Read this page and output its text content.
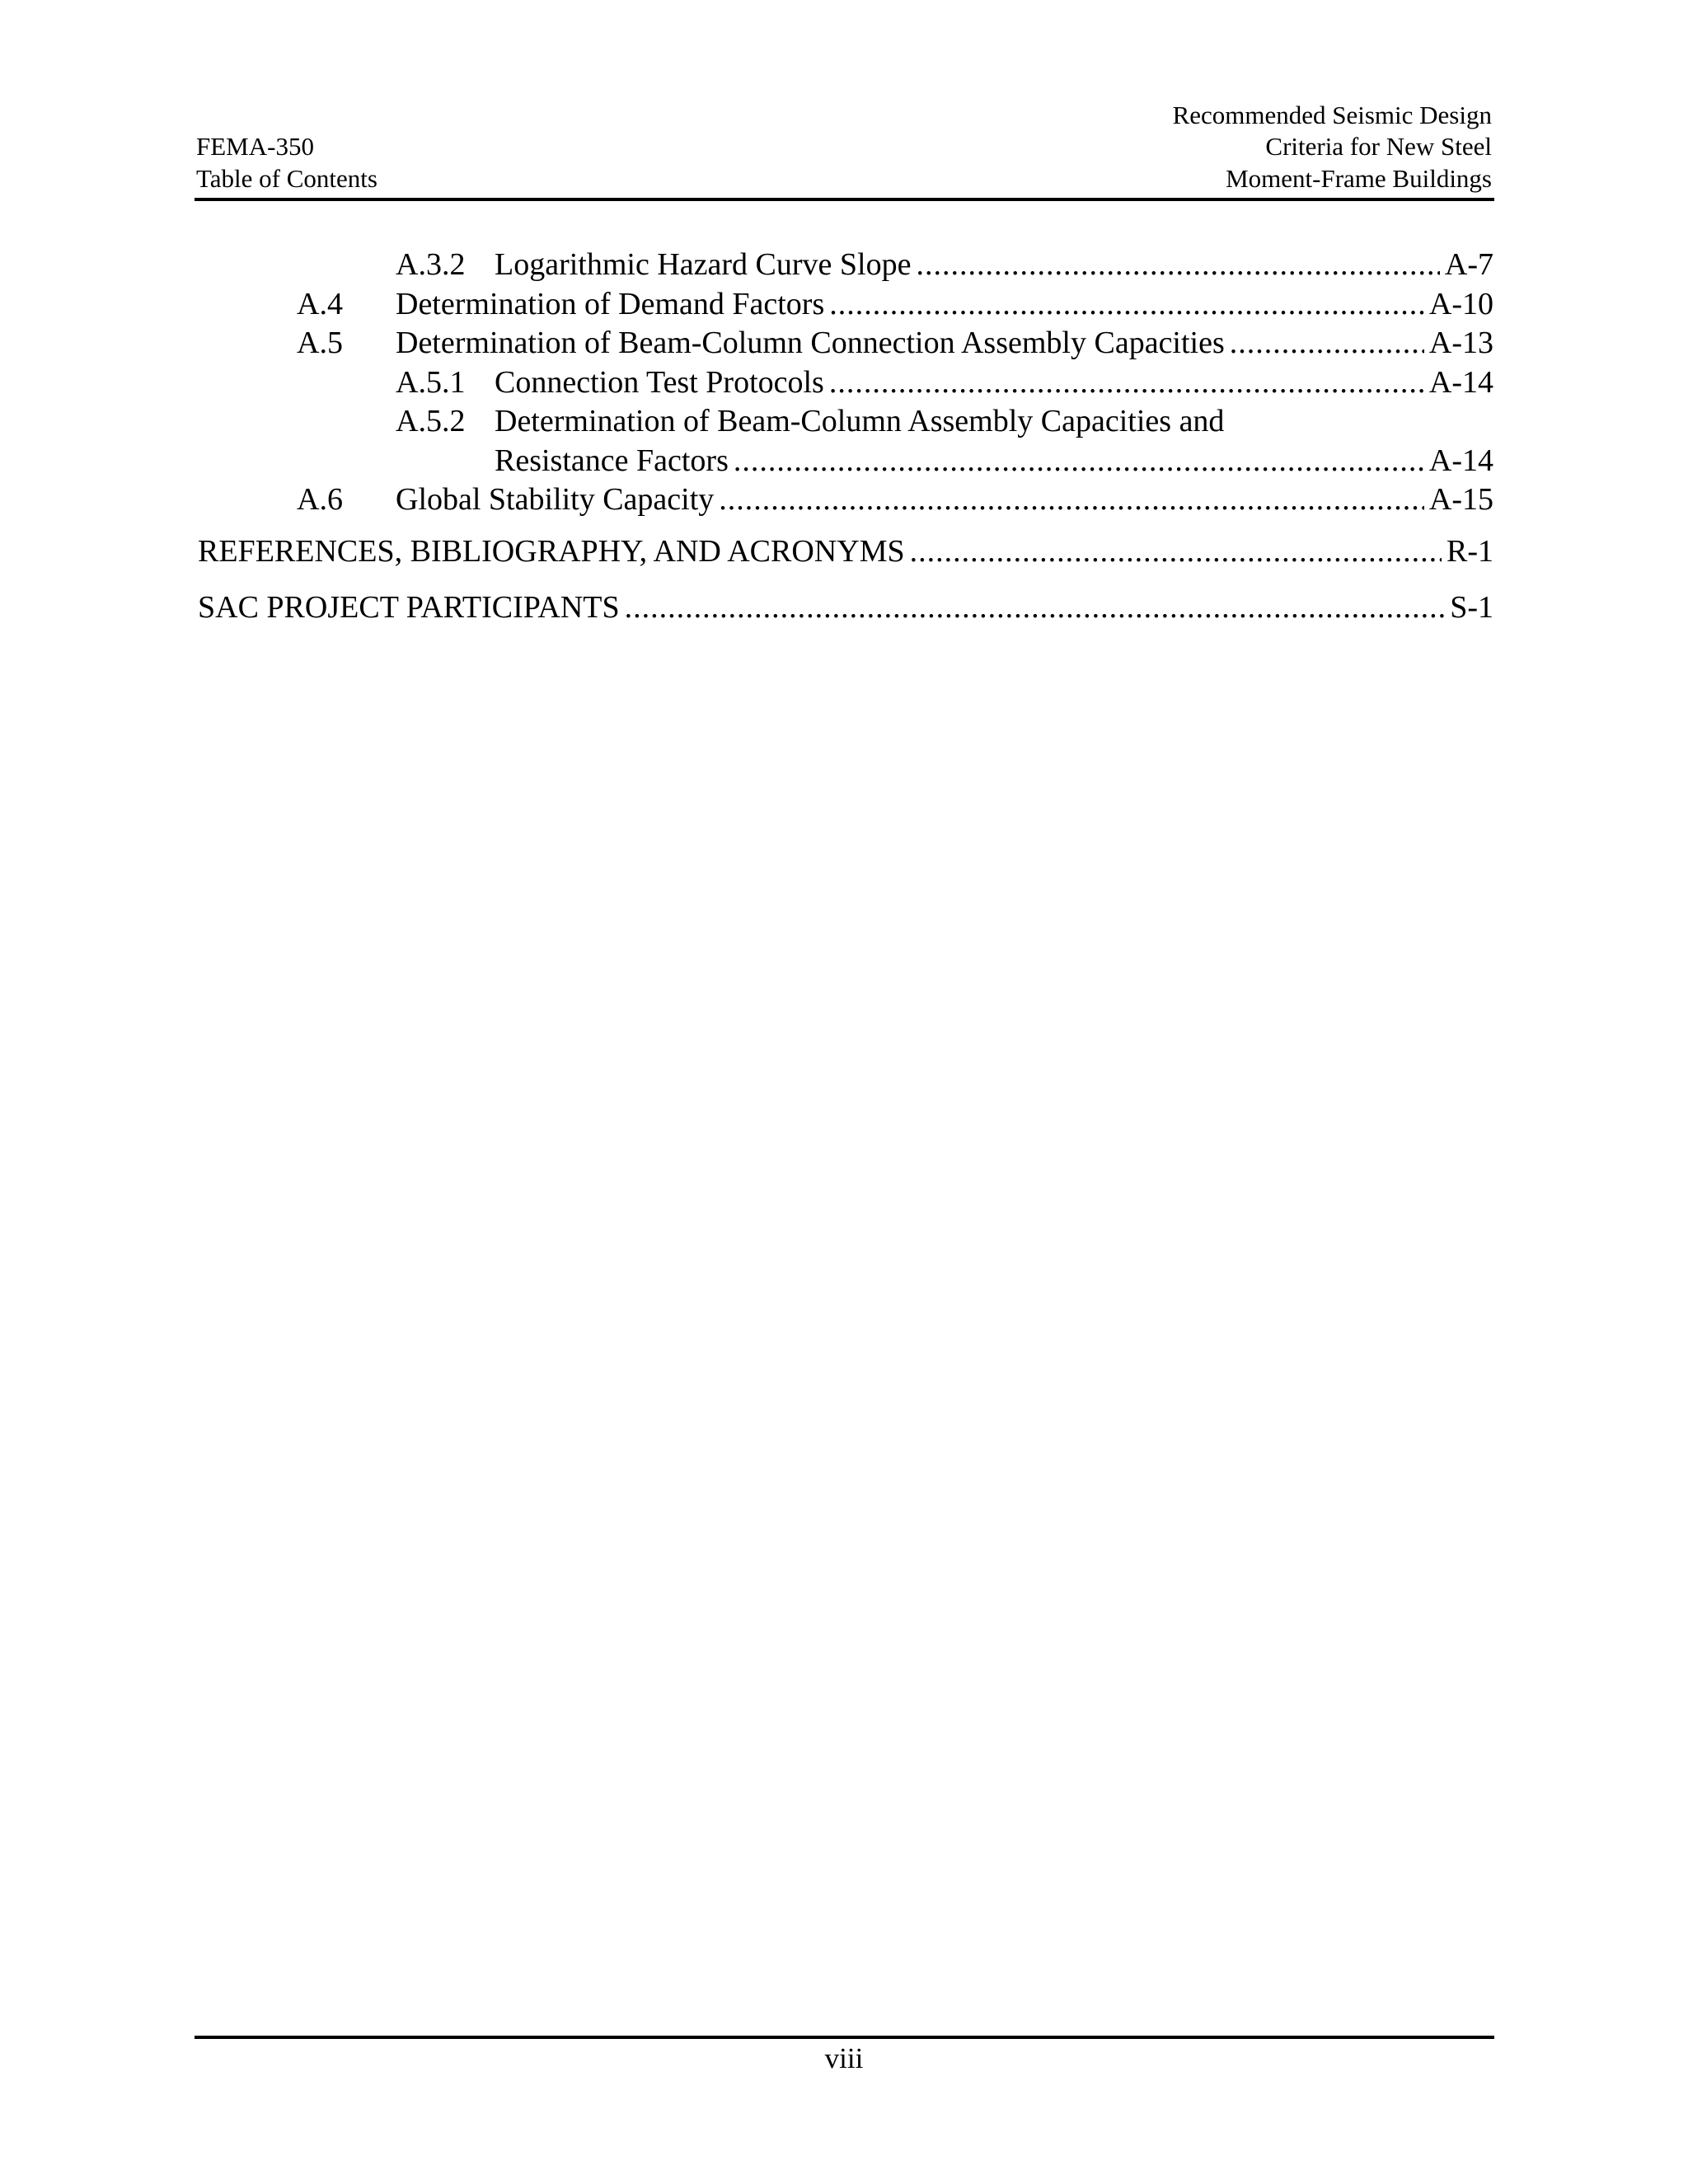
FEMA-350
Table of Contents
Recommended Seismic Design
Criteria for New Steel
Moment-Frame Buildings
A.3.2 Logarithmic Hazard Curve Slope .....	A-7
A.4 Determination of Demand Factors .....	A-10
A.5 Determination of Beam-Column Connection Assembly Capacities .....	A-13
A.5.1 Connection Test Protocols .....	A-14
A.5.2 Determination of Beam-Column Assembly Capacities and
Resistance Factors .....	A-14
A.6 Global Stability Capacity .....	A-15
REFERENCES, BIBLIOGRAPHY, AND ACRONYMS .....	R-1
SAC PROJECT PARTICIPANTS .....	S-1
viii
